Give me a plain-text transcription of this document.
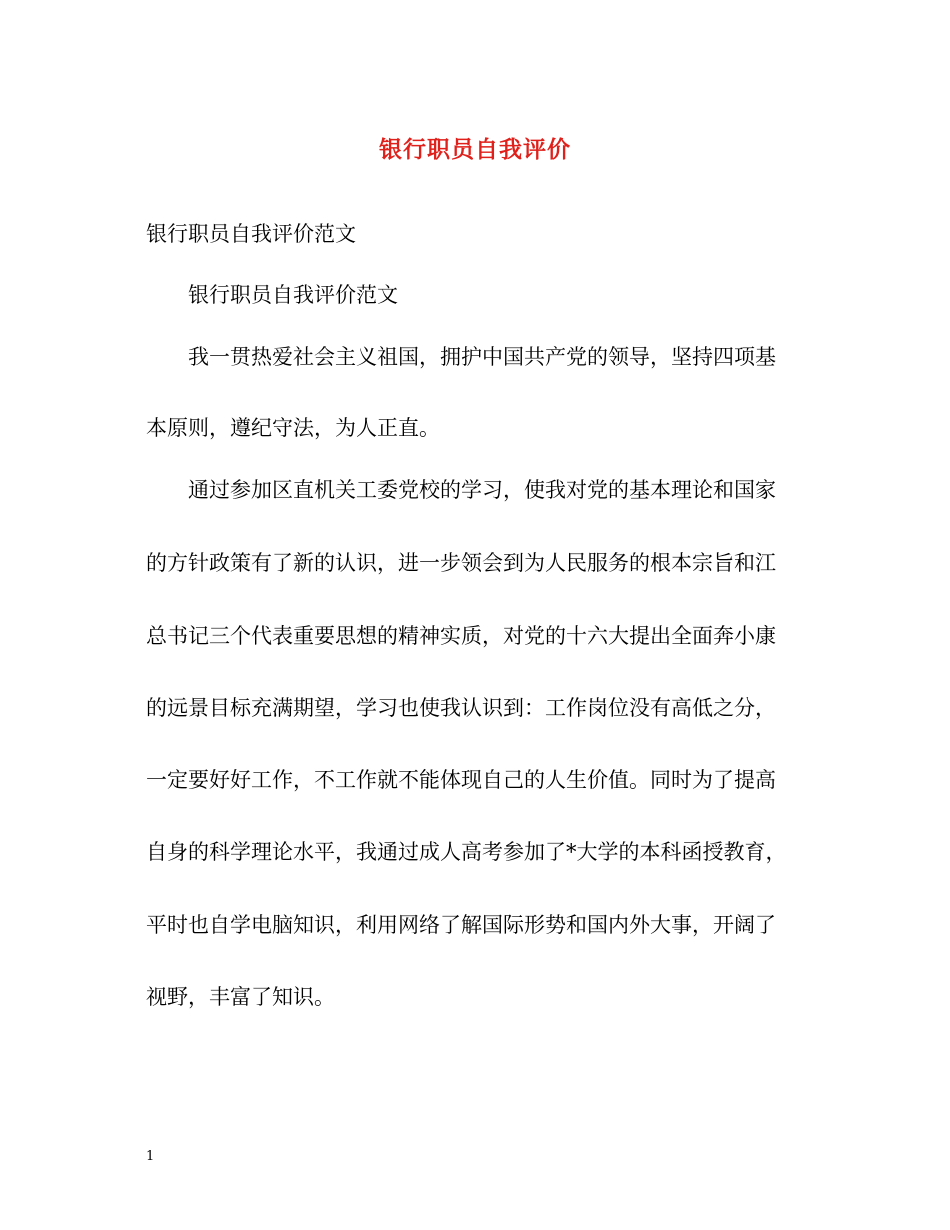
银行职员自我评价
银行职员自我评价范文
银行职员自我评价范文
我一贯热爱社会主义祖国，拥护中国共产党的领导，坚持四项基
本原则，遵纪守法，为人正直。
通过参加区直机关工委党校的学习，使我对党的基本理论和国家
的方针政策有了新的认识，进一步领会到为人民服务的根本宗旨和江
总书记三个代表重要思想的精神实质，对党的十六大提出全面奔小康
的远景目标充满期望，学习也使我认识到：工作岗位没有高低之分，
一定要好好工作，不工作就不能体现自己的人生价值。同时为了提高
自身的科学理论水平，我通过成人高考参加了*大学的本科函授教育，
平时也自学电脑知识，利用网络了解国际形势和国内外大事，开阔了
视野，丰富了知识。
1
